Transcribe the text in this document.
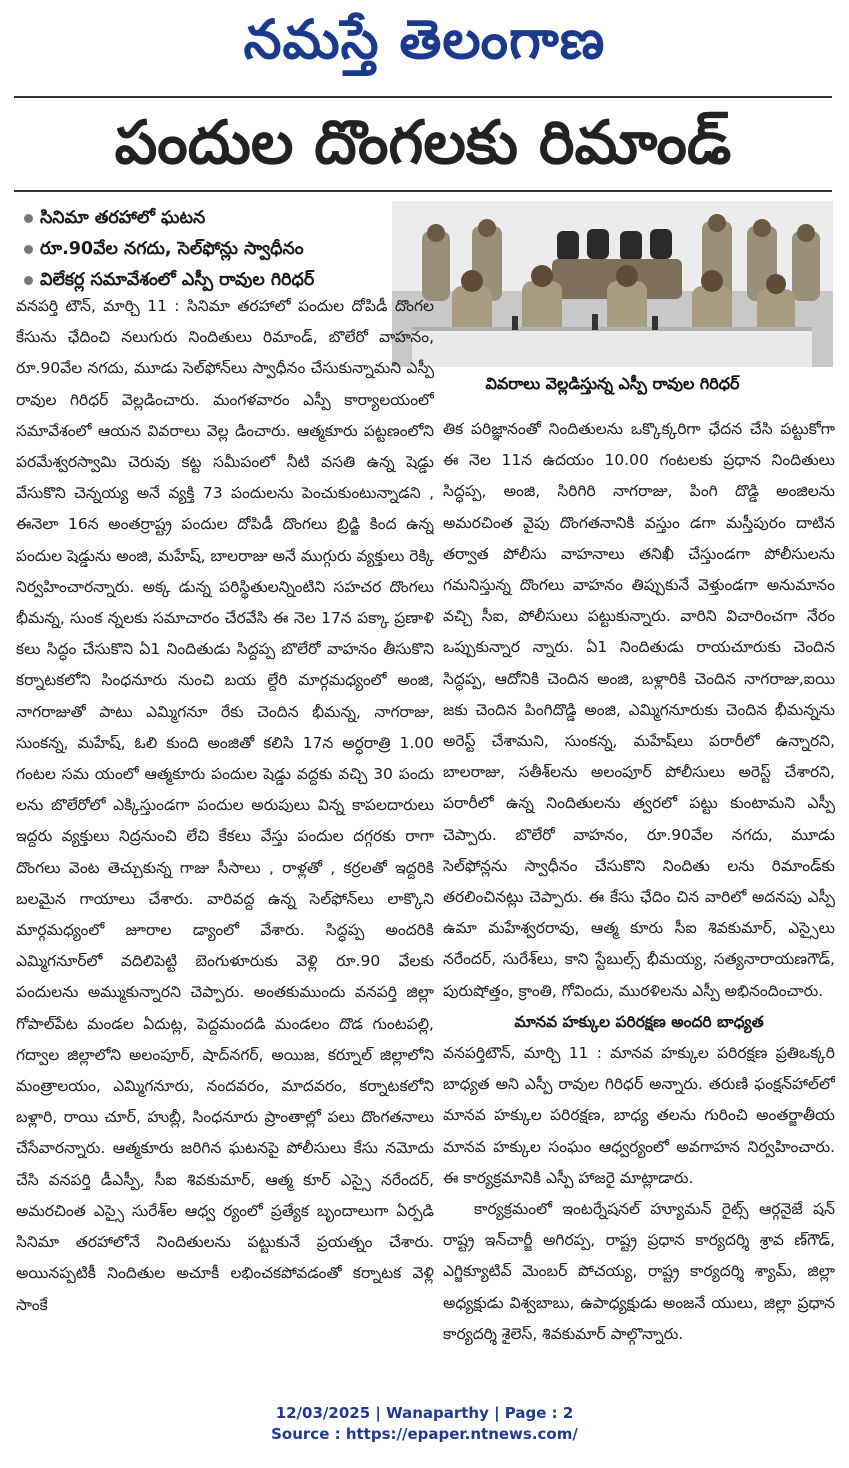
నమస్తే తెలంగాణ
పందుల దొంగలకు రిమాండ్
సినిమా తరహాలో ఘటన
రూ.90వేల నగదు, సెల్‌ఫోన్లు స్వాధీనం
విలేకర్ల సమావేశంలో ఎస్పీ రావుల గిరిధర్
వివరాలు వెల్లడిస్తున్న ఎస్పీ రావుల గిరిధర్

వనపర్తి టౌన్, మార్చి 11 : సినిమా తరహాలో పందుల దోపిడీ దొంగల కేసును ఛేదించి నలుగురు నిందితులు రిమాండ్, బొలేరో వాహనం, రూ.90వేల నగదు, మూడు సెల్‌ఫోన్‌లు స్వాధీనం చేసుకున్నామని ఎస్పీ రావుల గిరిధర్ వెల్లడించారు. మంగళవారం ఎస్పీ కార్యాలయంలో సమావేశంలో ఆయన వివరాలు వెల్ల డించారు. ఆత్మకూరు పట్టణంలోని పరమేశ్వరస్వామి చెరువు కట్ట సమీపంలో నీటి వసతి ఉన్న షెడ్డు వేసుకొని చెన్నయ్య అనే వ్యక్తి 73 పందులను పెంచుకుంటున్నాడని , ఈనెలా 16న అంతర్రాష్ట్ర పందుల దోపిడీ దొంగలు బ్రిడ్జి కింద ఉన్న పందుల షెడ్డును అంజి, మహేష్, బాలరాజు అనే ముగ్గురు వ్యక్తులు రెక్కి నిర్వహించారన్నారు. అక్క డున్న పరిస్థితులన్నింటిని సహచర దొంగలు భీమన్న, సుంక న్నలకు సమాచారం చేరవేసి ఈ నెల 17న పక్కా ప్రణాళి కలు సిద్ధం చేసుకొని ఏ1 నిందితుడు సిద్దప్ప బొలేరో వాహనం తీసుకొని కర్నాటకలోని సింధనూరు నుంచి బయ ల్దేరి మార్గమధ్యంలో అంజి, నాగరాజుతో పాటు ఎమ్మిగనూ రేకు చెందిన భీమన్న, నాగరాజు, సుంకన్న, మహేష్, ఓలి కుంది అంజితో కలిసి 17న అర్ధరాత్రి 1.00 గంటల సమ యంలో ఆత్మకూరు పందుల షెడ్డు వద్దకు వచ్చి 30 పందు లను బొలేరోలో ఎక్కిస్తుండగా పందుల అరుపులు విన్న కాపలదారులు ఇద్దరు వ్యక్తులు నిద్రనుంచి లేచి కేకలు వేస్తు పందుల దగ్గరకు రాగా దొంగలు వెంట తెచ్చుకున్న గాజు సీసాలు , రాళ్లతో , కర్రలతో ఇద్దరికి బలమైన గాయాలు చేశారు. వారివద్ద ఉన్న సెల్‌ఫోన్‌లు లాక్కొని మార్గమధ్యంలో జూరాల డ్యాంలో వేశారు. సిద్ధప్ప అందరికి ఎమ్మిగనూర్‌లో వదిలిపెట్టి బెంగుళూరుకు వెళ్లి రూ.90 వేలకు పందులను అమ్ముకున్నారని చెప్పారు. అంతకుముందు వనపర్తి జిల్లా గోపాల్‌పేట మండల ఏదుట్ల, పెద్దమందడి మండలం దొడ గుంటపల్లి, గద్వాల జిల్లాలోని అలంపూర్, షాద్‌నగర్, అయిజ, కర్నూల్ జిల్లాలోని మంత్రాలయం, ఎమ్మిగనూరు, నందవరం, మాదవరం, కర్నాటకలోని బళ్లారి, రాయి చూర్, హుబ్లీ, సింధనూరు ప్రాంతాల్లో పలు దొంగతనాలు చేసేవారన్నారు. ఆత్మకూరు జరిగిన ఘటనపై పోలీసులు కేసు నమోదు చేసి వనపర్తి డీఎస్పీ, సీఐ శివకుమార్, ఆత్మ కూర్ ఎస్సై నరేందర్, అమరచింత ఎస్సై సురేశ్‌ల ఆధ్వ ర్యంలో ప్రత్యేక బృందాలుగా ఏర్పడి సినిమా తరహాలోనే నిందితులను పట్టుకునే ప్రయత్నం చేశారు. అయినప్పటికీ నిందితుల అచూకీ లభించకపోవడంతో కర్నాటక వెళ్లి సాంకే

తిక పరిజ్ఞానంతో నిందితులను ఒక్కొక్కరిగా ఛేదన చేసి పట్టుకోగా ఈ నెల 11న ఉదయం 10.00 గంటలకు ప్రధాన నిందితులు సిద్ధప్ప, అంజి, సిరిగిరి నాగరాజు, పింగి దొడ్డి అంజిలను అమరచింత వైపు దొంగతనానికి వస్తుం డగా మస్తీపురం దాటిన తర్వాత పోలీసు వాహనాలు తనిఖీ చేస్తుండగా పోలీసులను గమనిస్తున్న దొంగలు వాహనం తిప్పుకునే వెళ్తుండగా అనుమానం వచ్చి సీఐ, పోలీసులు పట్టుకున్నారు. వారిని విచారించగా నేరం ఒప్పుకున్నార న్నారు. ఏ1 నిందితుడు రాయచూరుకు చెందిన సిద్ధప్ప, ఆదోనికి చెందిన అంజి, బళ్లారికి చెందిన నాగరాజు,ఐయి జకు చెందిన పింగిదొడ్డి అంజి, ఎమ్మిగనూరుకు చెందిన భీమన్నను అరెస్ట్ చేశామని, సుంకన్న, మహేష్‌లు పరారీలో ఉన్నారని, బాలరాజు, సతీశ్‌లను అలంపూర్ పోలీసులు అరెస్ట్ చేశారని, పరారీలో ఉన్న నిందితులను త్వరలో పట్టు కుంటామని ఎస్పీ చెప్పారు. బొలేరో వాహనం, రూ.90వేల నగదు, మూడు సెల్‌ఫోన్లను స్వాధీనం చేసుకొని నిందితు లను రిమాండ్‌కు తరలించినట్లు చెప్పారు. ఈ కేసు ఛేదిం చిన వారిలో అదనపు ఎస్పీ ఉమా మహేశ్వరరావు, ఆత్మ కూరు సీఐ శివకుమార్, ఎస్సైలు నరేందర్, సురేశ్‌లు, కాని స్టేబుల్స్ భీమయ్య, సత్యనారాయణగౌడ్, పురుషోత్తం, క్రాంతి, గోవిందు, మురళిలను ఎస్పీ అభినందించారు.

మానవ హక్కుల పరిరక్షణ అందరి బాధ్యత

వనపర్తిటౌన్, మార్చి 11 : మానవ హక్కుల పరిరక్షణ ప్రతిఒక్కరి బాధ్యత అని ఎస్పీ రావుల గిరిధర్ అన్నారు. తరుణి ఫంక్షన్‌హాల్‌లో మానవ హక్కుల పరిరక్షణ, బాధ్య తలను గురించి అంతర్జాతీయ మానవ హక్కుల సంఘం ఆధ్వర్యంలో అవగాహన నిర్వహించారు. ఈ కార్యక్రమానికి ఎస్పీ హాజరై మాట్లాడారు.

కార్యక్రమంలో ఇంటర్నేషనల్ హ్యూమన్ రైట్స్ ఆర్గనైజే షన్ రాష్ట్ర ఇన్‌చార్జీ అగిరప్ప, రాష్ట్ర ప్రధాన కార్యదర్శి శ్రావ ణ్‌గౌడ్, ఎగ్జిక్యూటివ్ మెంబర్ పోచయ్య, రాష్ట్ర కార్యదర్శి శ్యామ్, జిల్లా అధ్యక్షుడు విశ్వబాబు, ఉపాధ్యక్షుడు అంజనే యులు, జిల్లా ప్రధాన కార్యదర్శి శైలెస్, శివకుమార్ పాల్గొన్నారు.

12/03/2025 | Wanaparthy | Page : 2
Source : https://epaper.ntnews.com/
